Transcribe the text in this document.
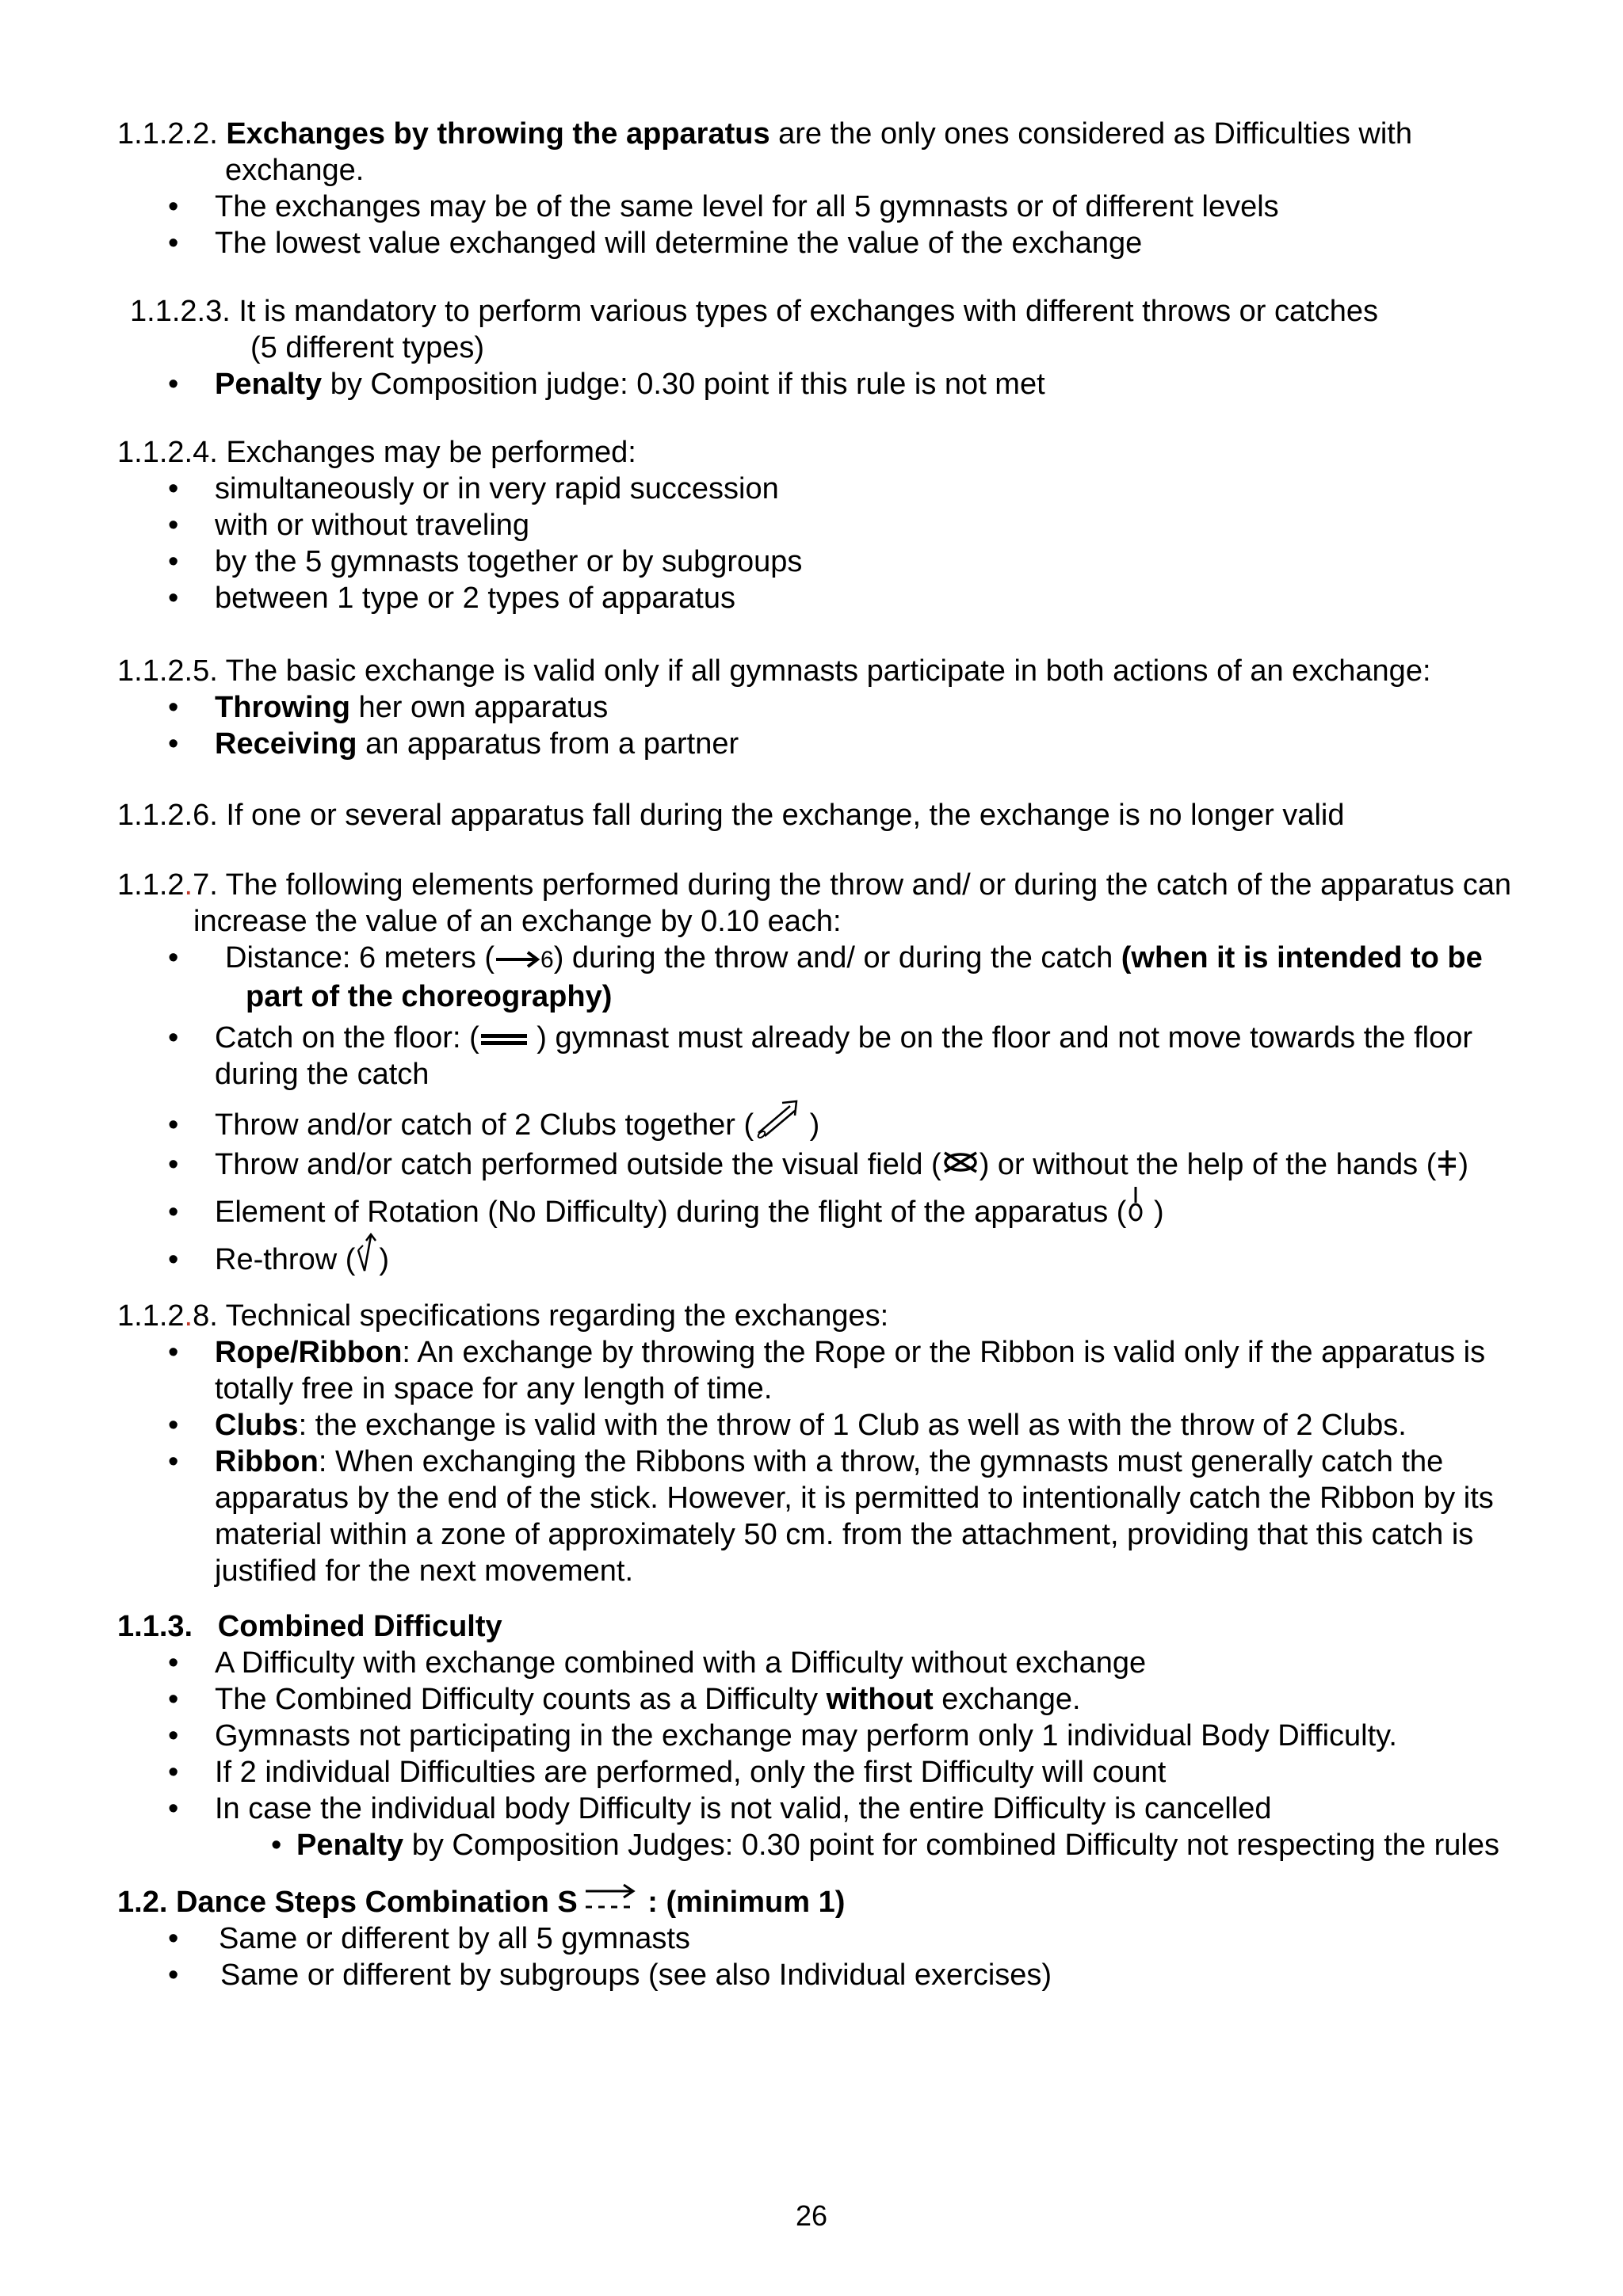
1.1.2.2. Exchanges by throwing the apparatus are the only ones considered as Difficulties with
exchange.
• The exchanges may be of the same level for all 5 gymnasts or of different levels
• The lowest value exchanged will determine the value of the exchange
1.1.2.3. It is mandatory to perform various types of exchanges with different throws or catches
(5 different types)
• Penalty by Composition judge: 0.30 point if this rule is not met
1.1.2.4. Exchanges may be performed:
• simultaneously or in very rapid succession
• with or without traveling
• by the 5 gymnasts together or by subgroups
• between 1 type or 2 types of apparatus
1.1.2.5. The basic exchange is valid only if all gymnasts participate in both actions of an exchange:
• Throwing her own apparatus
• Receiving an apparatus from a partner
1.1.2.6. If one or several apparatus fall during the exchange, the exchange is no longer valid
1.1.2.7. The following elements performed during the throw and/ or during the catch of the apparatus can
increase the value of an exchange by 0.10 each:
• Distance: 6 meters ( 6) during the throw and/ or during the catch (when it is intended to be
part of the choreography)
• Catch on the floor: ( ) gymnast must already be on the floor and not move towards the floor
during the catch
• Throw and/or catch of 2 Clubs together ( )
• Throw and/or catch performed outside the visual field ( ) or without the help of the hands ( )
• Element of Rotation (No Difficulty) during the flight of the apparatus ( )
• Re-throw ( )
1.1.2.8. Technical specifications regarding the exchanges:
• Rope/Ribbon: An exchange by throwing the Rope or the Ribbon is valid only if the apparatus is
totally free in space for any length of time.
• Clubs: the exchange is valid with the throw of 1 Club as well as with the throw of 2 Clubs.
• Ribbon: When exchanging the Ribbons with a throw, the gymnasts must generally catch the
apparatus by the end of the stick. However, it is permitted to intentionally catch the Ribbon by its
material within a zone of approximately 50 cm. from the attachment, providing that this catch is
justified for the next movement.
1.1.3.   Combined Difficulty
• A Difficulty with exchange combined with a Difficulty without exchange
• The Combined Difficulty counts as a Difficulty without exchange.
• Gymnasts not participating in the exchange may perform only 1 individual Body Difficulty.
• If 2 individual Difficulties are performed, only the first Difficulty will count
• In case the individual body Difficulty is not valid, the entire Difficulty is cancelled
• Penalty by Composition Judges: 0.30 point for combined Difficulty not respecting the rules
1.2. Dance Steps Combination S : (minimum 1)
• Same or different by all 5 gymnasts
• Same or different by subgroups (see also Individual exercises)
26
